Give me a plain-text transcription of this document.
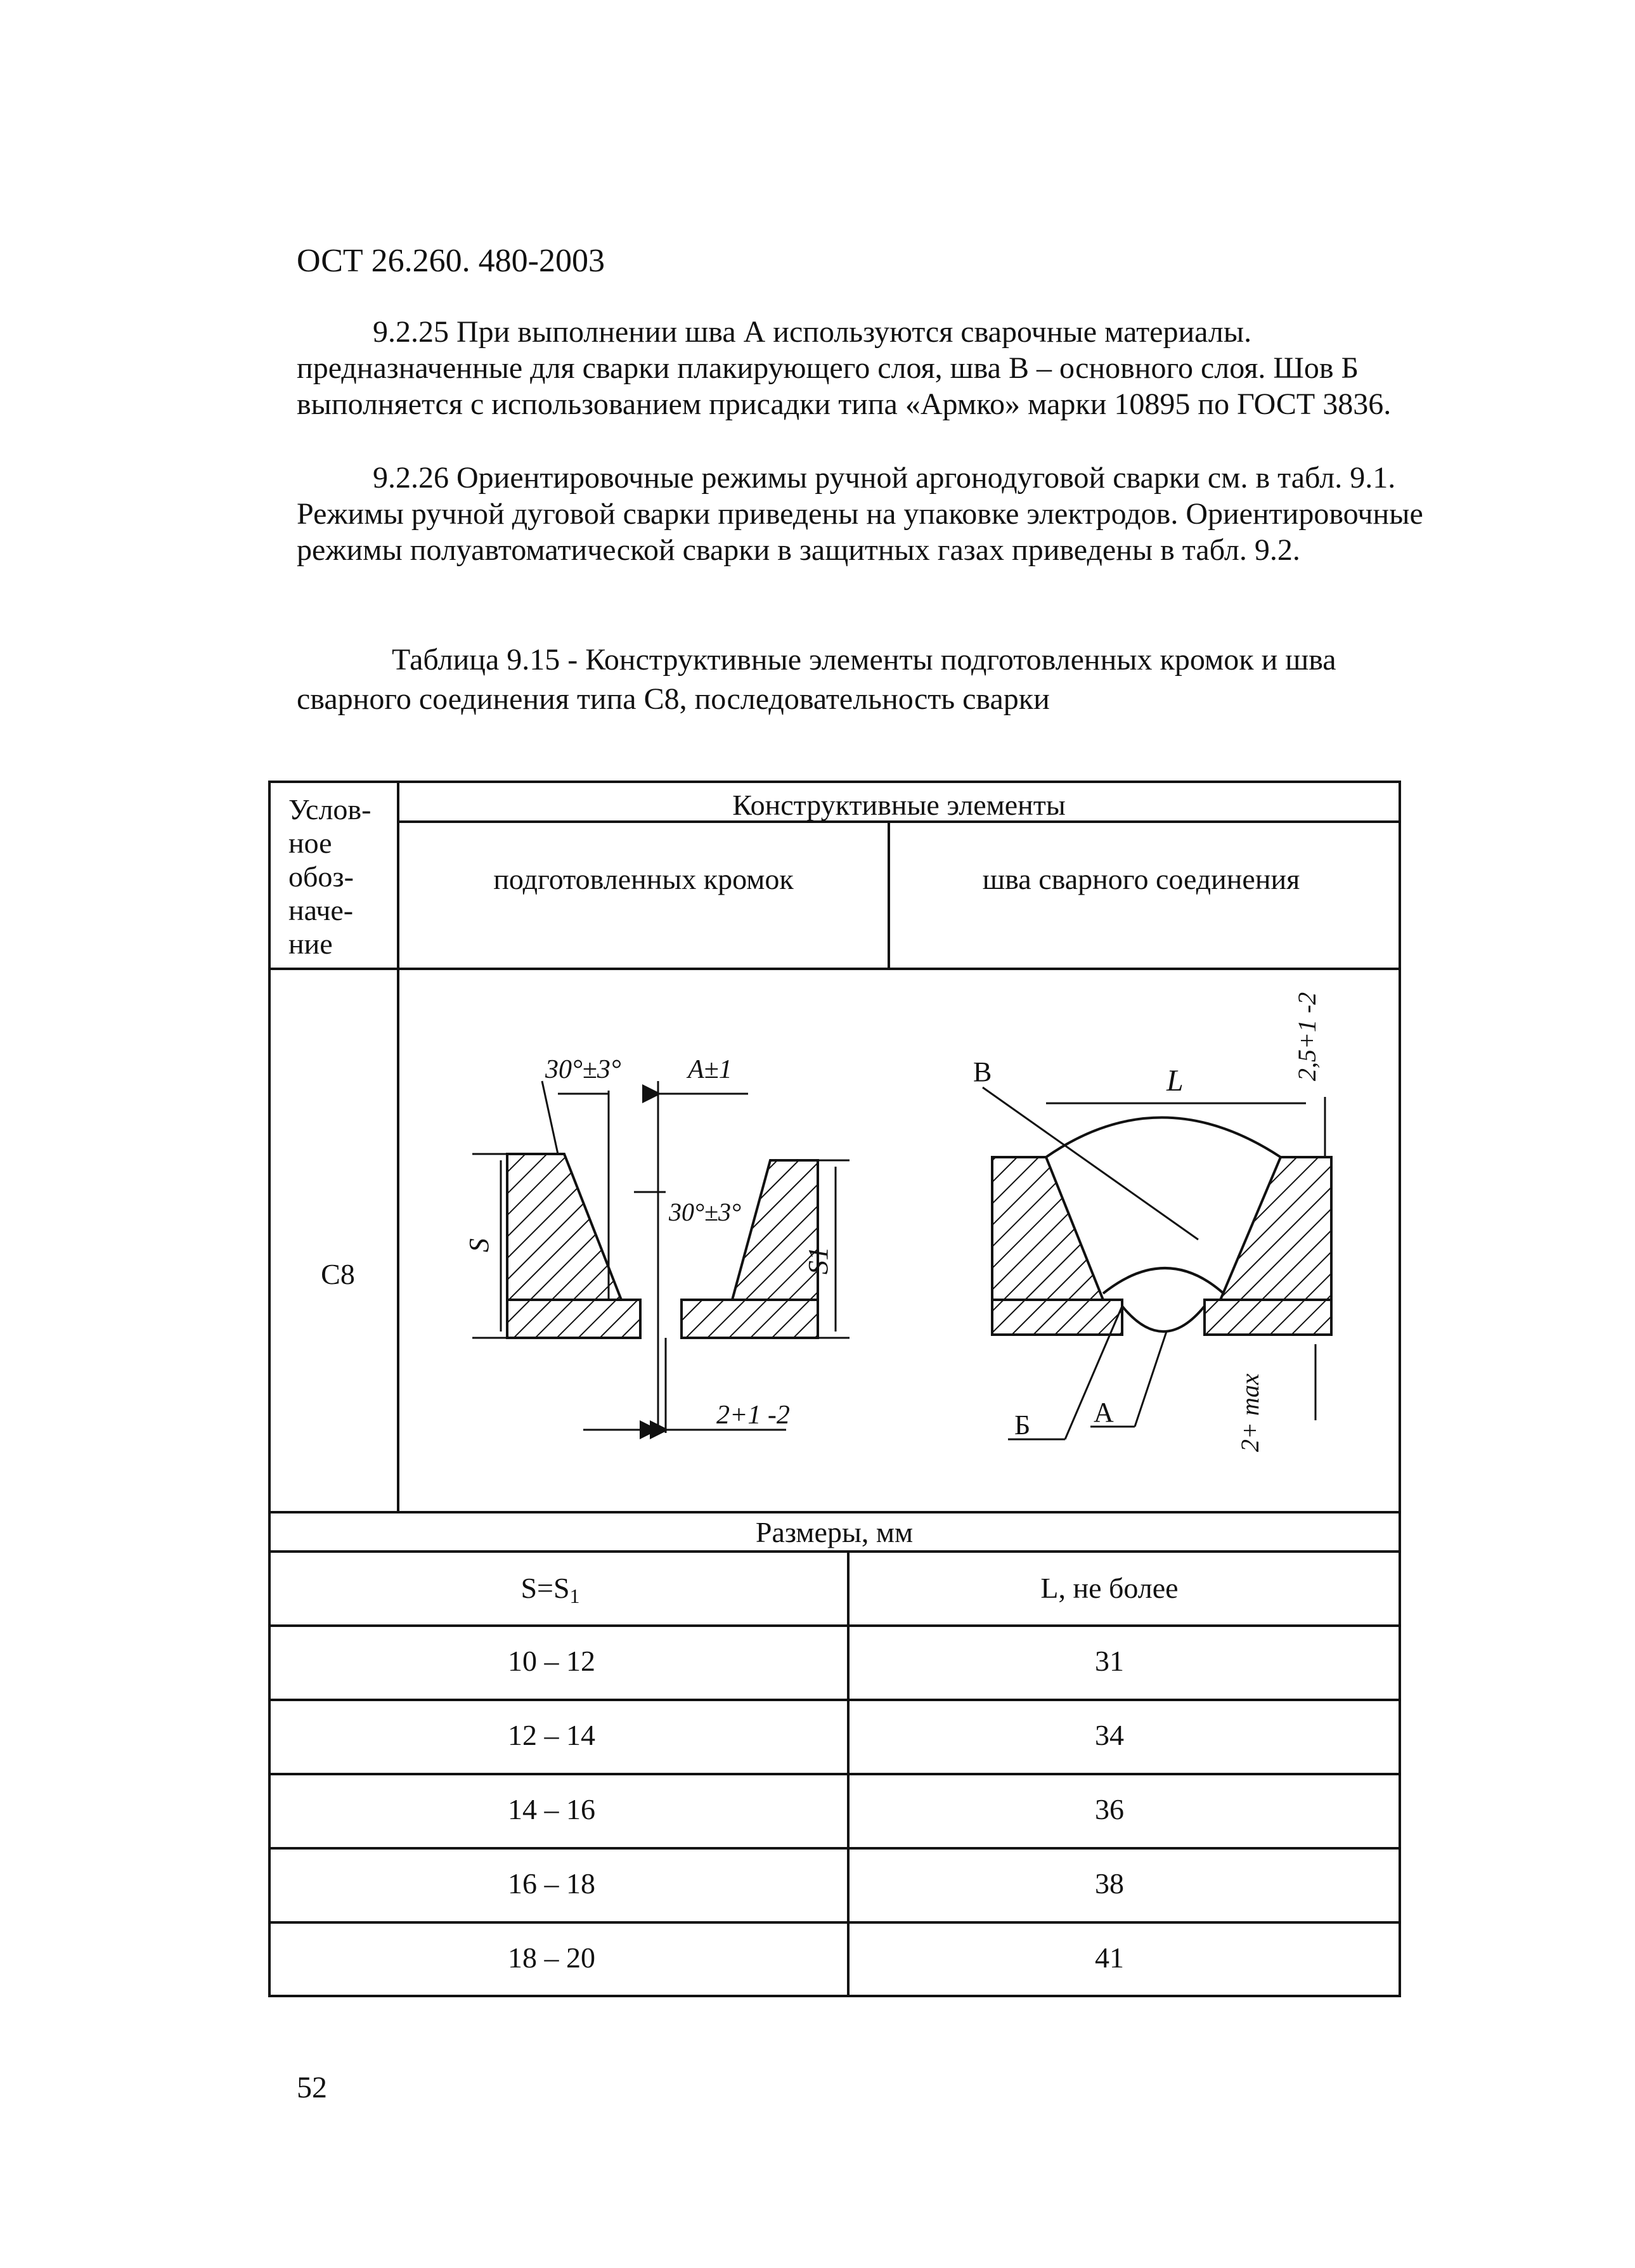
ОСТ 26.260. 480-2003

9.2.25 При выполнении шва А используются сварочные материалы. предназначенные для сварки плакирующего слоя, шва В – основного слоя. Шов Б выполняется с использованием присадки типа «Армко» марки 10895 по ГОСТ 3836.

9.2.26 Ориентировочные режимы ручной аргонодуговой сварки см. в табл. 9.1. Режимы ручной дуговой сварки приведены на упаковке электродов. Ориентировочные режимы полуавтоматической сварки в защитных газах приведены в табл. 9.2.

Таблица 9.15 - Конструктивные элементы подготовленных кромок и шва сварного соединения типа С8, последовательность сварки

Услов-
ное
обоз-
наче-
ние
Конструктивные элементы
подготовленных кромок	шва сварного соединения
С8
30°±3°	А±1
30°±3°
S
S1
2+1 -2
В	L	2,5+1 -2
Б А	2+ max
Размеры, мм
S=S1	L, не более
10 – 12	31
12 – 14	34
14 – 16	36
16 – 18	38
18 – 20	41
52
